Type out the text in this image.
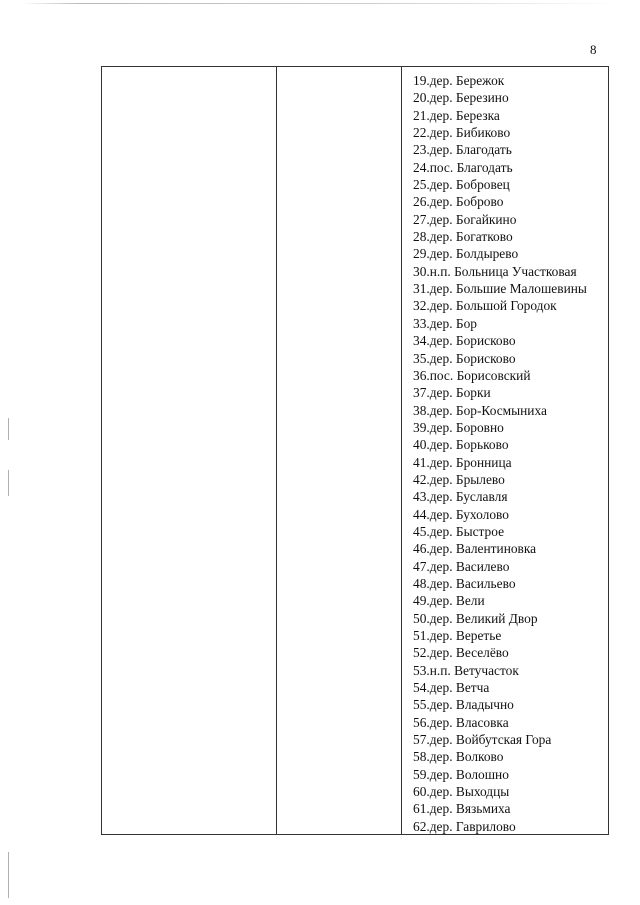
8
19.дер. Бережок
20.дер. Березино
21.дер. Березка
22.дер. Бибиково
23.дер. Благодать
24.пос. Благодать
25.дер. Бобровец
26.дер. Боброво
27.дер. Богайкино
28.дер. Богатково
29.дер. Болдырево
30.н.п. Больница Участковая
31.дер. Большие Малошевины
32.дер. Большой Городок
33.дер. Бор
34.дер. Борисково
35.дер. Борисково
36.пос. Борисовский
37.дер. Борки
38.дер. Бор-Космыниха
39.дер. Боровно
40.дер. Борьково
41.дер. Бронница
42.дер. Брылево
43.дер. Буславля
44.дер. Бухолово
45.дер. Быстрое
46.дер. Валентиновка
47.дер. Василево
48.дер. Васильево
49.дер. Вели
50.дер. Великий Двор
51.дер. Веретье
52.дер. Веселёво
53.н.п. Ветучасток
54.дер. Ветча
55.дер. Владычно
56.дер. Власовка
57.дер. Войбутская Гора
58.дер. Волково
59.дер. Волошно
60.дер. Выходцы
61.дер. Вязьмиха
62.дер. Гаврилово
